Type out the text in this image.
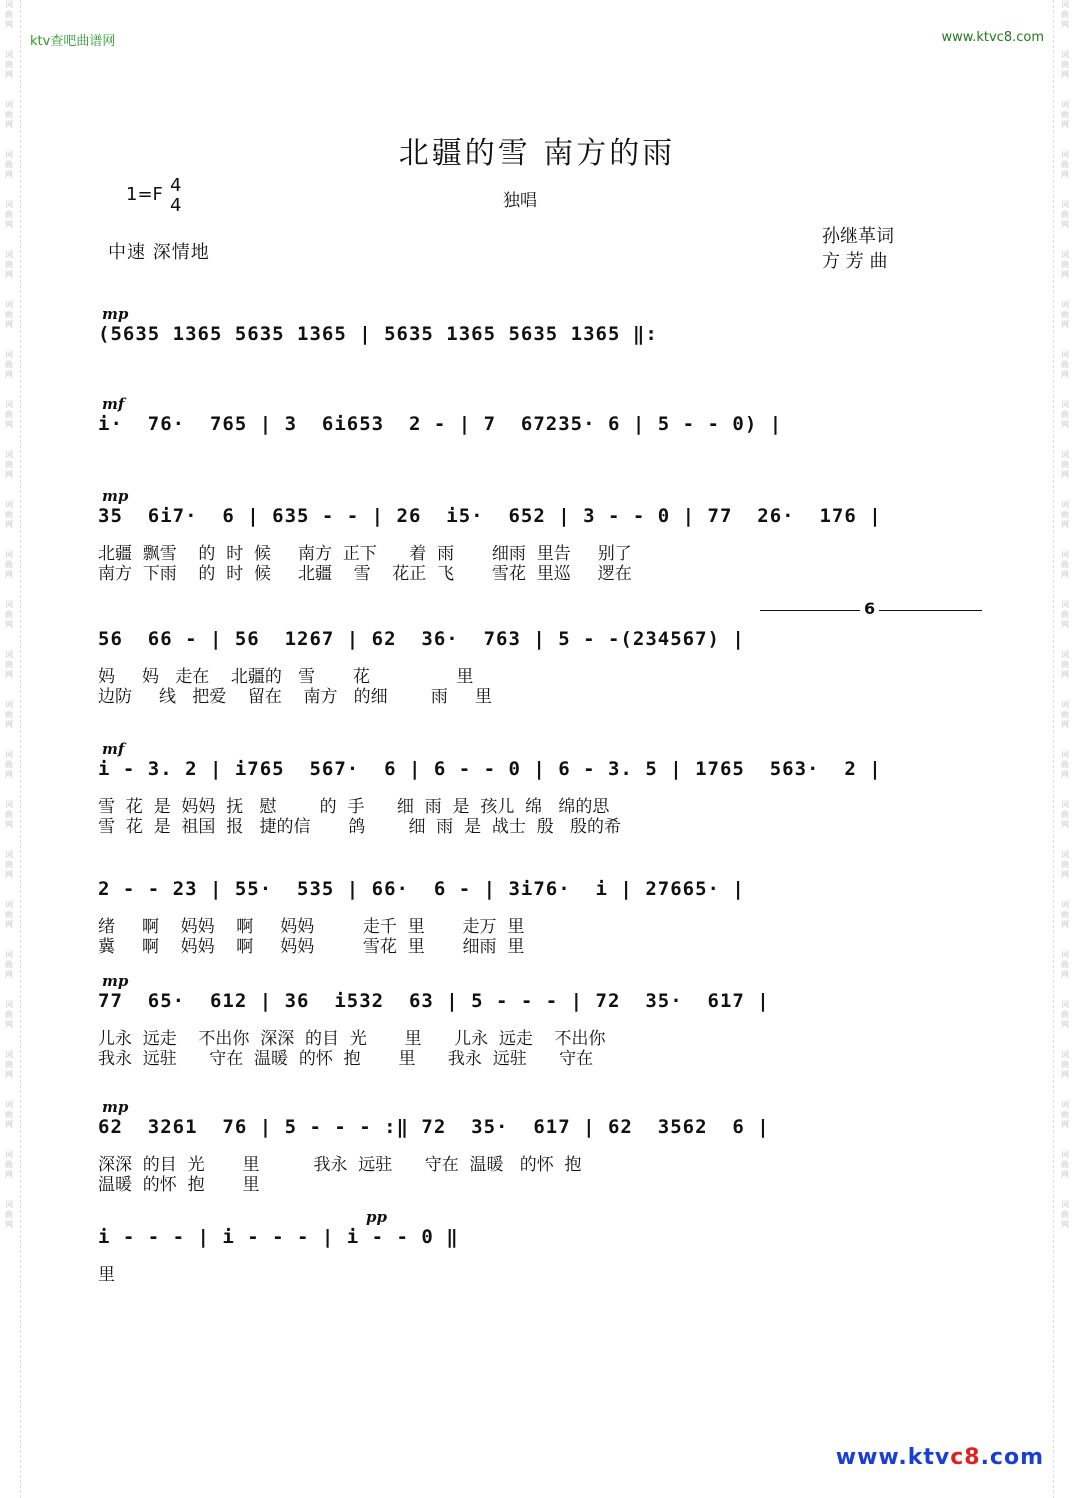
词
曲
网

词
曲
网

词
曲
网

词
曲
网

词
曲
网

词
曲
网

词
曲
网

词
曲
网

词
曲
网

词
曲
网

词
曲
网

词
曲
网

词
曲
网

词
曲
网

词
曲
网

词
曲
网

词
曲
网

词
曲
网

词
曲
网

词
曲
网

词
曲
网

词
曲
网

词
曲
网

词
曲
网

词
曲
网

词
曲
网

词
曲
网

词
曲
网

词
曲
网

词
曲
网

词
曲
网

词
曲
网

词
曲
网

词
曲
网

词
曲
网

词
曲
网

词
曲
网

词
曲
网

词
曲
网

词
曲
网

词
曲
网

词
曲
网

词
曲
网

词
曲
网

词
曲
网

词
曲
网

词
曲
网

词
曲
网

词
曲
网

词
曲
网

ktv查吧曲谱网	www.ktvc8.com
北疆的雪 南方的雨
1=F 4
4	独唱
中速 深情地
孙继革词
方 芳 曲
mp
(5635 1365 5635 1365 | 5635 1365 5635 1365 ‖:
mf
i·  76·  765 | 3  6i653  2 - | 7  67235· 6 | 5 - - 0) |
mp
35  6i7·  6 | 635 - - | 26  i5·  652 | 3 - - 0 | 77  26·  176 |
北疆  飘雪    的  时  候     南方  正下      着  雨       细雨  里告     别了
南方  下雨    的  时  候     北疆    雪    花正  飞       雪花  里巡     逻在
56  66 - | 56  1267 | 62  36·  763 | 5 - -(234567) |
6
妈     妈   走在    北疆的   雪       花                里
边防     线   把爱    留在    南方   的细        雨     里
mf
i - 3. 2 | i765  567·  6 | 6 - - 0 | 6 - 3. 5 | 1765  563·  2 |
雪  花  是  妈妈  抚   慰        的  手      细  雨  是  孩儿  绵   绵的思
雪  花  是  祖国  报   捷的信       鸽        细  雨  是  战士  殷   殷的希
2 - - 23 | 55·  535 | 66·  6 - | 3i76·  i | 27665· |
绪     啊    妈妈    啊     妈妈         走千  里       走万  里
冀     啊    妈妈    啊     妈妈         雪花  里       细雨  里
mp
77  65·  612 | 36  i532  63 | 5 - - - | 72  35·  617 |
儿永  远走    不出你  深深  的目  光       里      儿永  远走    不出你
我永  远驻      守在  温暖  的怀  抱       里      我永  远驻      守在
mp
62  3261  76 | 5 - - - :‖ 72  35·  617 | 62  3562  6 |
深深  的目  光       里          我永  远驻      守在  温暖   的怀  抱
温暖  的怀  抱       里
pp
i - - - | i - - - | i - - 0 ‖
里
www.ktvc8.com
